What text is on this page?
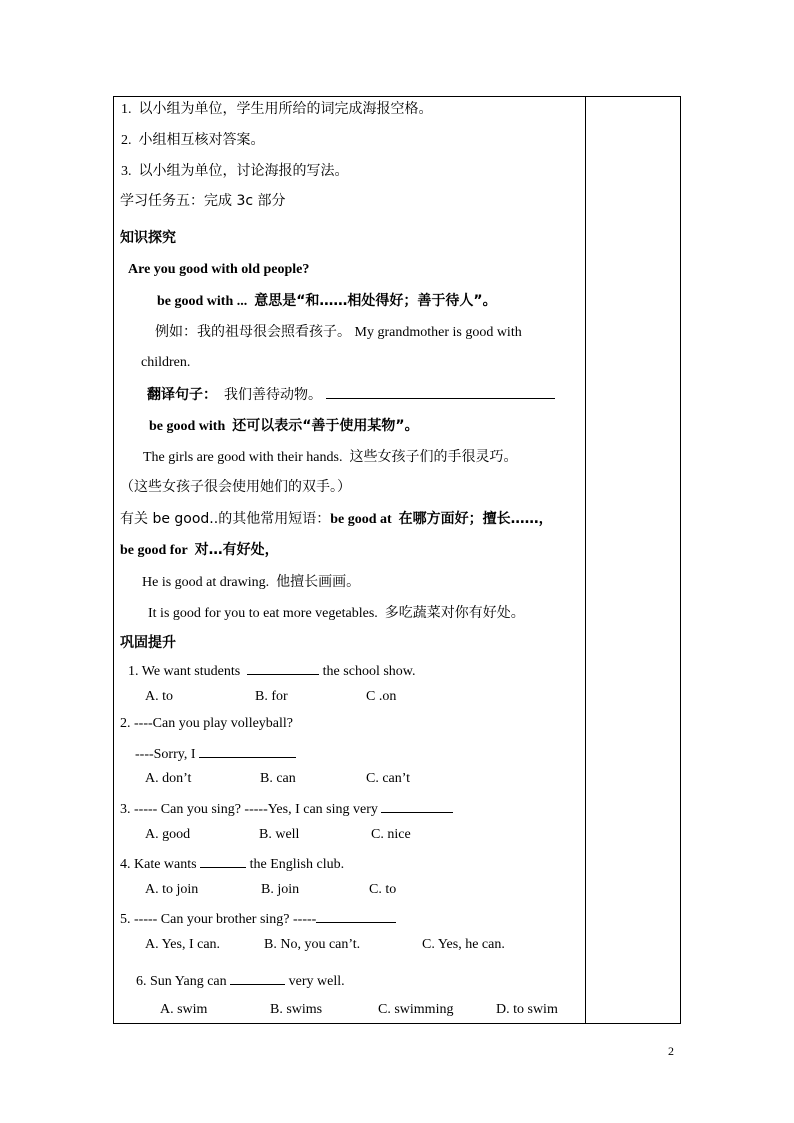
1. 以小组为单位，学生用所给的词完成海报空格。
2. 小组相互核对答案。
3. 以小组为单位，讨论海报的写法。
学习任务五：完成 3c 部分
知识探究
Are you good with old people?
be good with ... 意思是“和……相处得好；善于待人”。
例如：我的祖母很会照看孩子。 My grandmother is good with
children.
翻译句子： 我们善待动物。
be good with 还可以表示“善于使用某物”。
The girls are good with their hands. 这些女孩子们的手很灵巧。
（这些女孩子很会使用她们的双手。）
有关 be good..的其他常用短语：be good at 在哪方面好；擅长……，
be good for 对…有好处，
He is good at drawing. 他擅长画画。
It is good for you to eat more vegetables. 多吃蔬菜对你有好处。
巩固提升
1. We want students	the school show.
A. to	B. for	C .on
2. ----Can you play volleyball?
----Sorry, I
A. don’t	B. can	C. can’t
3. ----- Can you sing? -----Yes, I can sing very
A. good	B. well	C. nice
4. Kate wants	the English club.
A. to join	B. join	C. to
5. ----- Can your brother sing? -----
A. Yes, I can.	B. No, you can’t.	C. Yes, he can.
6. Sun Yang can	very well.
A. swim	B. swims	C. swimming	D. to swim
2
